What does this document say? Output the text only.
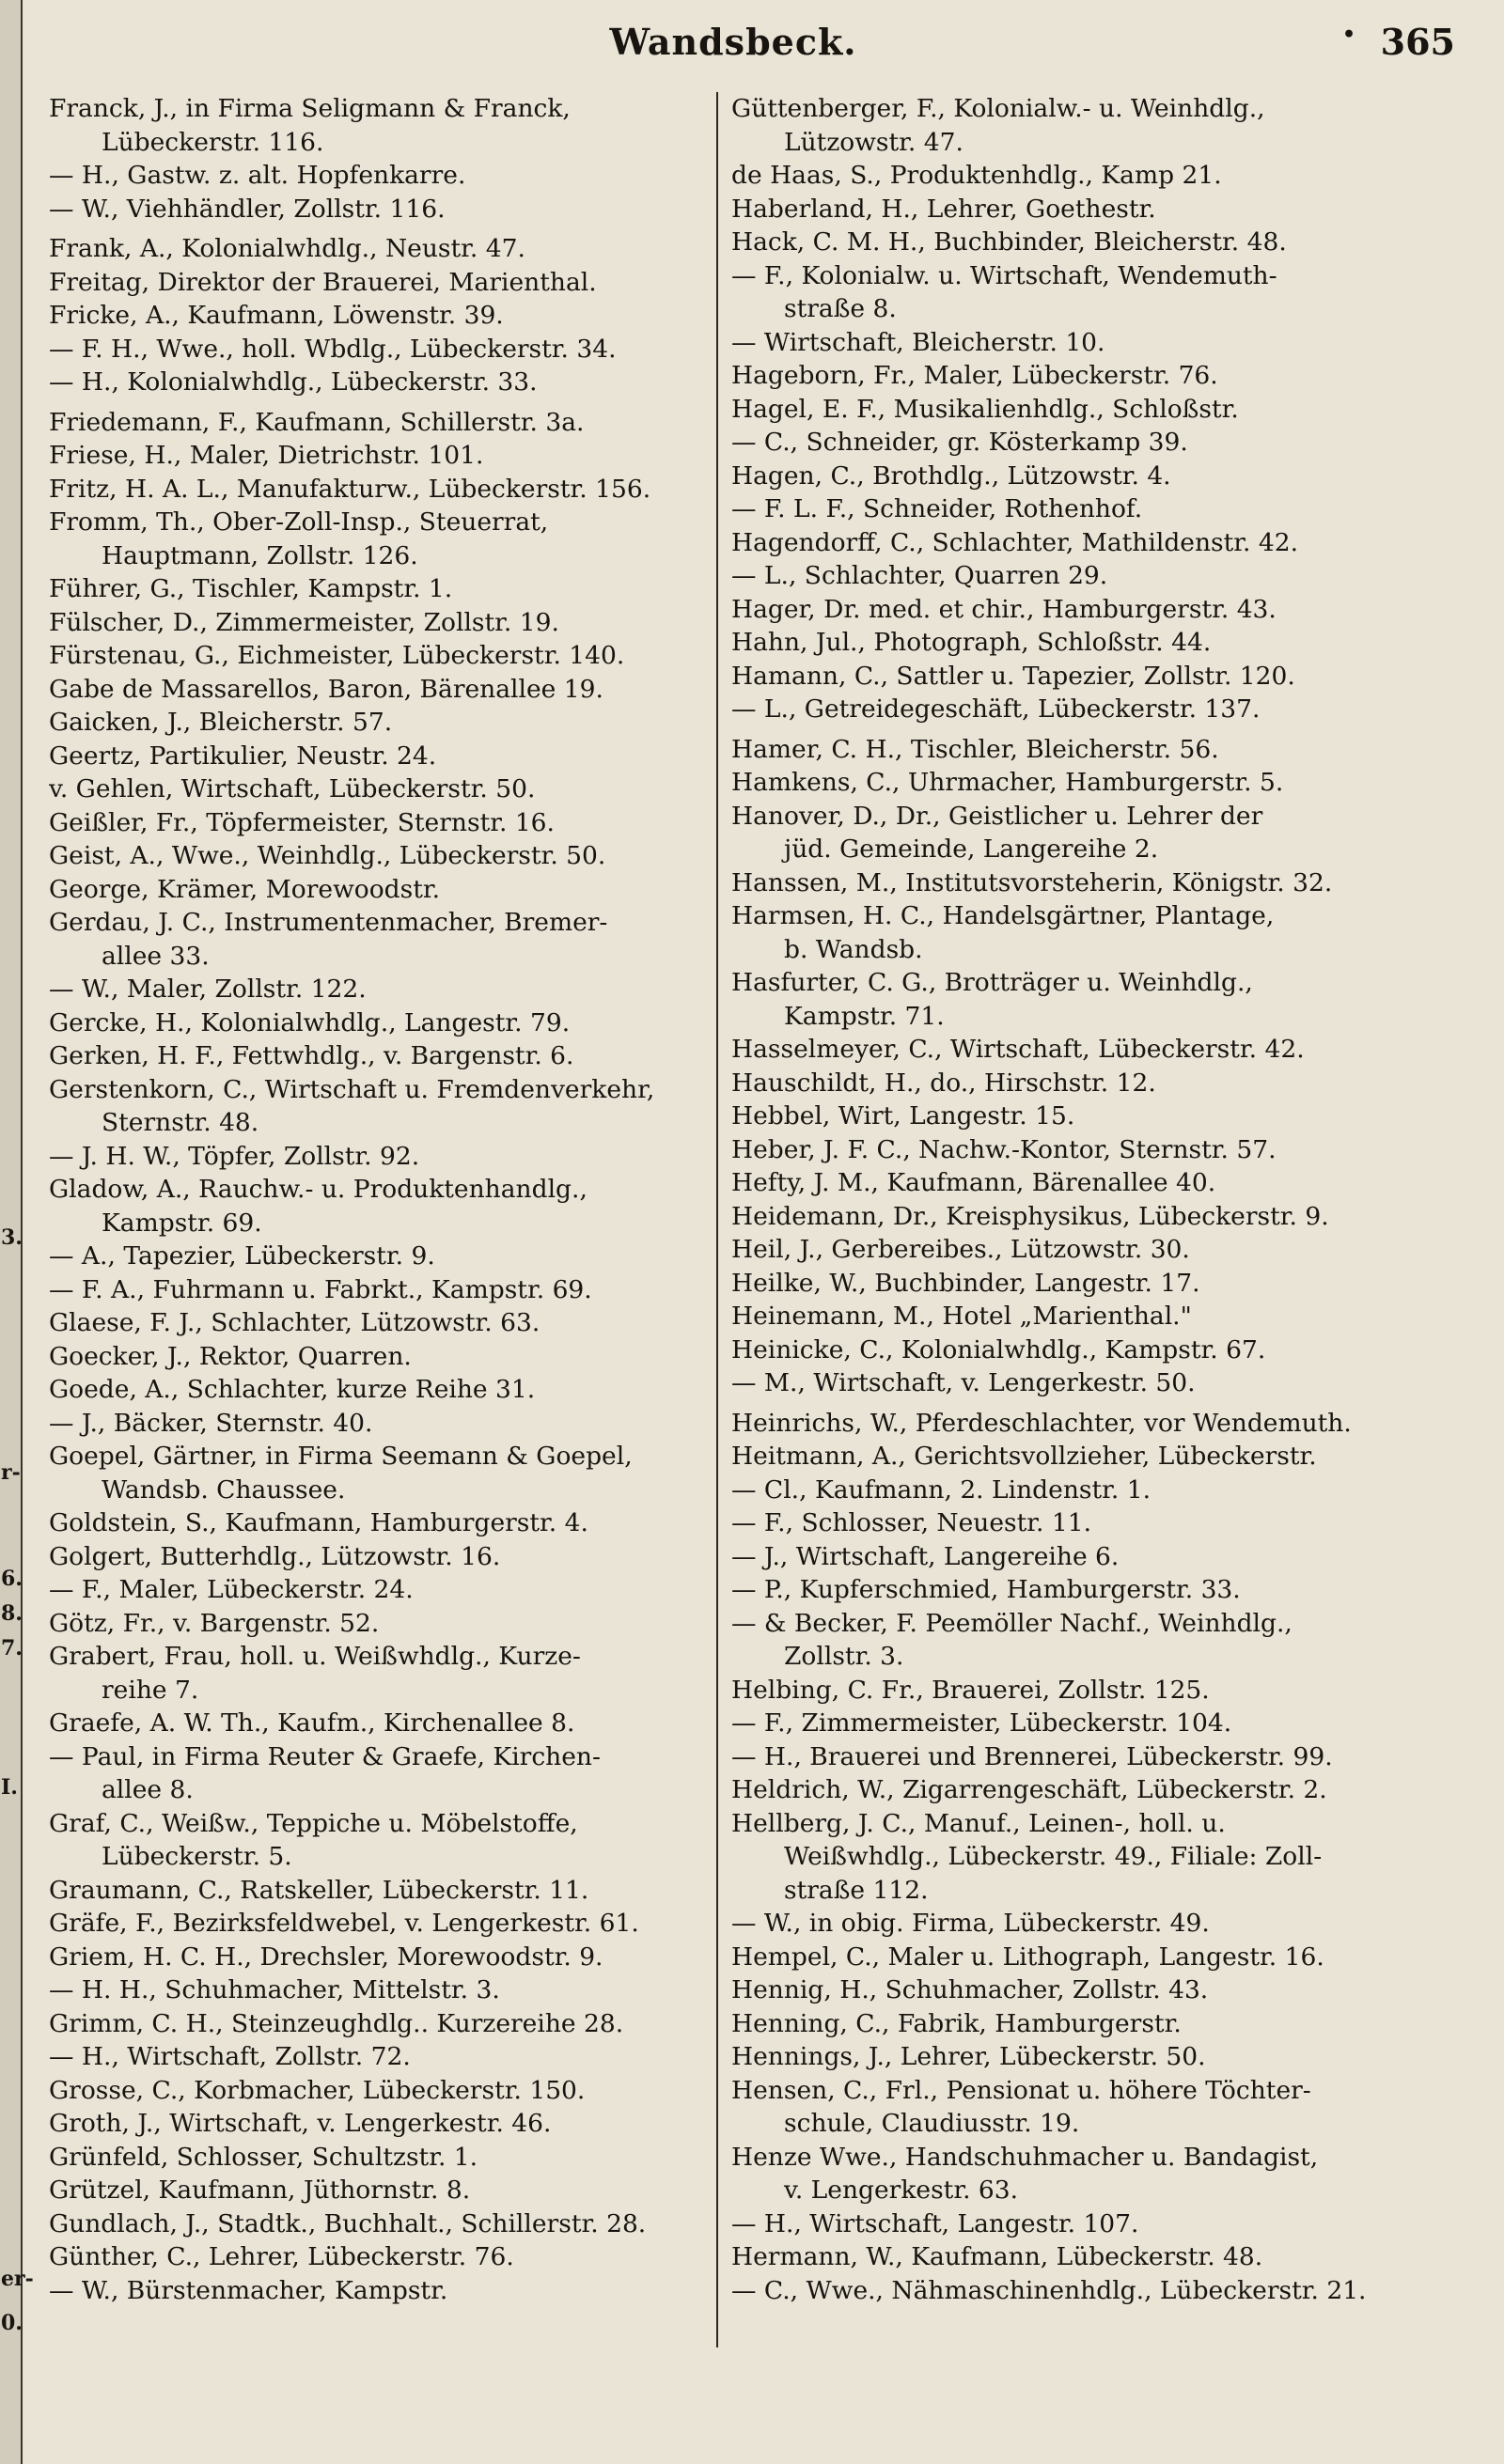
3.
r-
6.
8.
7.
I.
er-
0.
Wandsbeck.	• 365
Franck, J., in Firma Seligmann & Franck,
Lübeckerstr. 116.
— H., Gastw. z. alt. Hopfenkarre.
— W., Viehhändler, Zollstr. 116.
Frank, A., Kolonialwhdlg., Neustr. 47.
Freitag, Direktor der Brauerei, Marienthal.
Fricke, A., Kaufmann, Löwenstr. 39.
— F. H., Wwe., holl. Wbdlg., Lübeckerstr. 34.
— H., Kolonialwhdlg., Lübeckerstr. 33.
Friedemann, F., Kaufmann, Schillerstr. 3a.
Friese, H., Maler, Dietrichstr. 101.
Fritz, H. A. L., Manufakturw., Lübeckerstr. 156.
Fromm, Th., Ober-Zoll-Insp., Steuerrat,
Hauptmann, Zollstr. 126.
Führer, G., Tischler, Kampstr. 1.
Fülscher, D., Zimmermeister, Zollstr. 19.
Fürstenau, G., Eichmeister, Lübeckerstr. 140.
Gabe de Massarellos, Baron, Bärenallee 19.
Gaicken, J., Bleicherstr. 57.
Geertz, Partikulier, Neustr. 24.
v. Gehlen, Wirtschaft, Lübeckerstr. 50.
Geißler, Fr., Töpfermeister, Sternstr. 16.
Geist, A., Wwe., Weinhdlg., Lübeckerstr. 50.
George, Krämer, Morewoodstr.
Gerdau, J. C., Instrumentenmacher, Bremer-
allee 33.
— W., Maler, Zollstr. 122.
Gercke, H., Kolonialwhdlg., Langestr. 79.
Gerken, H. F., Fettwhdlg., v. Bargenstr. 6.
Gerstenkorn, C., Wirtschaft u. Fremdenverkehr,
Sternstr. 48.
— J. H. W., Töpfer, Zollstr. 92.
Gladow, A., Rauchw.- u. Produktenhandlg.,
Kampstr. 69.
— A., Tapezier, Lübeckerstr. 9.
— F. A., Fuhrmann u. Fabrkt., Kampstr. 69.
Glaese, F. J., Schlachter, Lützowstr. 63.
Goecker, J., Rektor, Quarren.
Goede, A., Schlachter, kurze Reihe 31.
— J., Bäcker, Sternstr. 40.
Goepel, Gärtner, in Firma Seemann & Goepel,
Wandsb. Chaussee.
Goldstein, S., Kaufmann, Hamburgerstr. 4.
Golgert, Butterhdlg., Lützowstr. 16.
— F., Maler, Lübeckerstr. 24.
Götz, Fr., v. Bargenstr. 52.
Grabert, Frau, holl. u. Weißwhdlg., Kurze-
reihe 7.
Graefe, A. W. Th., Kaufm., Kirchenallee 8.
— Paul, in Firma Reuter & Graefe, Kirchen-
allee 8.
Graf, C., Weißw., Teppiche u. Möbelstoffe,
Lübeckerstr. 5.
Graumann, C., Ratskeller, Lübeckerstr. 11.
Gräfe, F., Bezirksfeldwebel, v. Lengerkestr. 61.
Griem, H. C. H., Drechsler, Morewoodstr. 9.
— H. H., Schuhmacher, Mittelstr. 3.
Grimm, C. H., Steinzeughdlg.. Kurzereihe 28.
— H., Wirtschaft, Zollstr. 72.
Grosse, C., Korbmacher, Lübeckerstr. 150.
Groth, J., Wirtschaft, v. Lengerkestr. 46.
Grünfeld, Schlosser, Schultzstr. 1.
Grützel, Kaufmann, Jüthornstr. 8.
Gundlach, J., Stadtk., Buchhalt., Schillerstr. 28.
Günther, C., Lehrer, Lübeckerstr. 76.
— W., Bürstenmacher, Kampstr.
Güttenberger, F., Kolonialw.- u. Weinhdlg.,
Lützowstr. 47.
de Haas, S., Produktenhdlg., Kamp 21.
Haberland, H., Lehrer, Goethestr.
Hack, C. M. H., Buchbinder, Bleicherstr. 48.
— F., Kolonialw. u. Wirtschaft, Wendemuth-
straße 8.
— Wirtschaft, Bleicherstr. 10.
Hageborn, Fr., Maler, Lübeckerstr. 76.
Hagel, E. F., Musikalienhdlg., Schloßstr.
— C., Schneider, gr. Kösterkamp 39.
Hagen, C., Brothdlg., Lützowstr. 4.
— F. L. F., Schneider, Rothenhof.
Hagendorff, C., Schlachter, Mathildenstr. 42.
— L., Schlachter, Quarren 29.
Hager, Dr. med. et chir., Hamburgerstr. 43.
Hahn, Jul., Photograph, Schloßstr. 44.
Hamann, C., Sattler u. Tapezier, Zollstr. 120.
— L., Getreidegeschäft, Lübeckerstr. 137.
Hamer, C. H., Tischler, Bleicherstr. 56.
Hamkens, C., Uhrmacher, Hamburgerstr. 5.
Hanover, D., Dr., Geistlicher u. Lehrer der
jüd. Gemeinde, Langereihe 2.
Hanssen, M., Institutsvorsteherin, Königstr. 32.
Harmsen, H. C., Handelsgärtner, Plantage,
b. Wandsb.
Hasfurter, C. G., Brotträger u. Weinhdlg.,
Kampstr. 71.
Hasselmeyer, C., Wirtschaft, Lübeckerstr. 42.
Hauschildt, H., do., Hirschstr. 12.
Hebbel, Wirt, Langestr. 15.
Heber, J. F. C., Nachw.-Kontor, Sternstr. 57.
Hefty, J. M., Kaufmann, Bärenallee 40.
Heidemann, Dr., Kreisphysikus, Lübeckerstr. 9.
Heil, J., Gerbereibes., Lützowstr. 30.
Heilke, W., Buchbinder, Langestr. 17.
Heinemann, M., Hotel „Marienthal."
Heinicke, C., Kolonialwhdlg., Kampstr. 67.
— M., Wirtschaft, v. Lengerkestr. 50.
Heinrichs, W., Pferdeschlachter, vor Wendemuth.
Heitmann, A., Gerichtsvollzieher, Lübeckerstr.
— Cl., Kaufmann, 2. Lindenstr. 1.
— F., Schlosser, Neuestr. 11.
— J., Wirtschaft, Langereihe 6.
— P., Kupferschmied, Hamburgerstr. 33.
— & Becker, F. Peemöller Nachf., Weinhdlg.,
Zollstr. 3.
Helbing, C. Fr., Brauerei, Zollstr. 125.
— F., Zimmermeister, Lübeckerstr. 104.
— H., Brauerei und Brennerei, Lübeckerstr. 99.
Heldrich, W., Zigarrengeschäft, Lübeckerstr. 2.
Hellberg, J. C., Manuf., Leinen-, holl. u.
Weißwhdlg., Lübeckerstr. 49., Filiale: Zoll-
straße 112.
— W., in obig. Firma, Lübeckerstr. 49.
Hempel, C., Maler u. Lithograph, Langestr. 16.
Hennig, H., Schuhmacher, Zollstr. 43.
Henning, C., Fabrik, Hamburgerstr.
Hennings, J., Lehrer, Lübeckerstr. 50.
Hensen, C., Frl., Pensionat u. höhere Töchter-
schule, Claudiusstr. 19.
Henze Wwe., Handschuhmacher u. Bandagist,
v. Lengerkestr. 63.
— H., Wirtschaft, Langestr. 107.
Hermann, W., Kaufmann, Lübeckerstr. 48.
— C., Wwe., Nähmaschinenhdlg., Lübeckerstr. 21.
